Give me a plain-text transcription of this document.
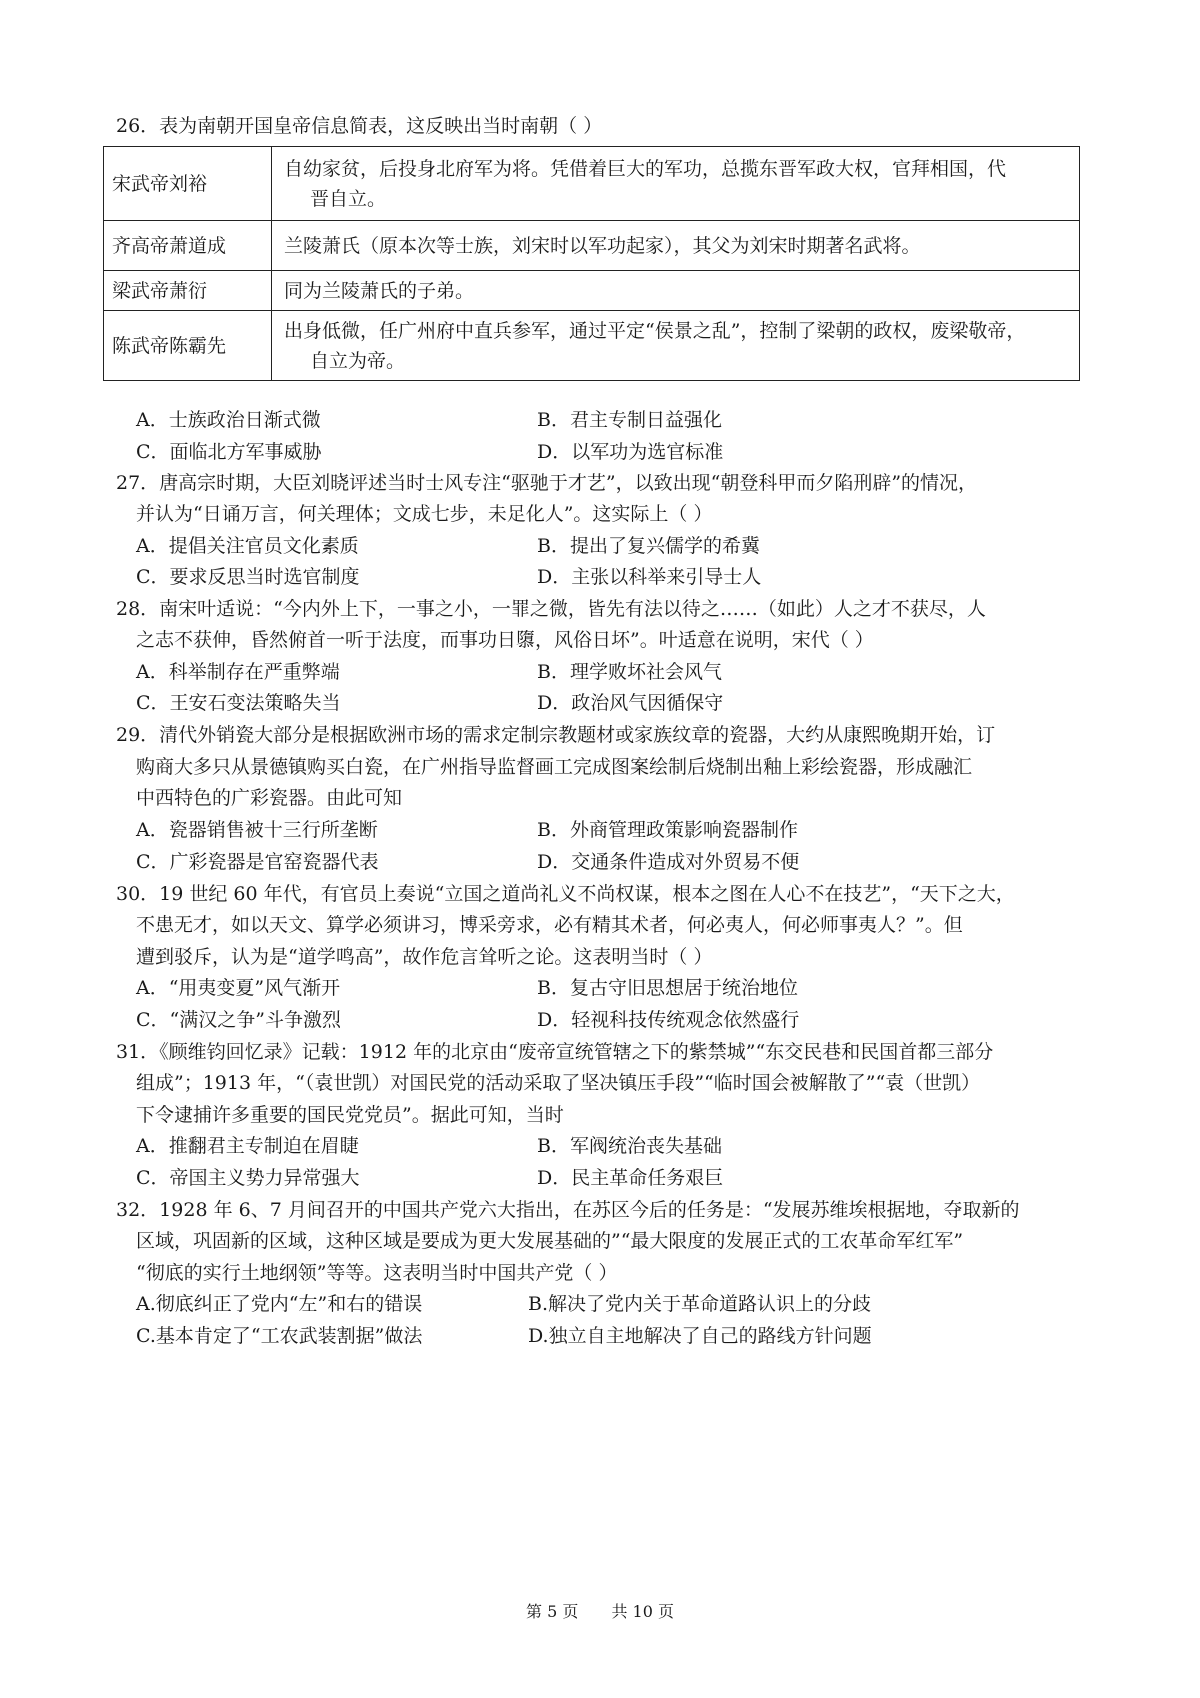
26．表为南朝开国皇帝信息简表，这反映出当时南朝（ ）
宋武帝刘裕	自幼家贫，后投身北府军为将。凭借着巨大的军功，总揽东晋军政大权，官拜相国，代
晋自立。

齐高帝萧道成	兰陵萧氏（原本次等士族，刘宋时以军功起家），其父为刘宋时期著名武将。

梁武帝萧衍	同为兰陵萧氏的子弟。

陈武帝陈霸先	出身低微，任广州府中直兵参军，通过平定“侯景之乱”，控制了梁朝的政权，废梁敬帝，
自立为帝。
A．士族政治日渐式微	B．君主专制日益强化
C．面临北方军事威胁	D．以军功为选官标准
27．唐高宗时期，大臣刘晓评述当时士风专注“驱驰于才艺”，以致出现“朝登科甲而夕陷刑辟”的情况，
并认为“日诵万言，何关理体；文成七步，未足化人”。这实际上（ ）
A．提倡关注官员文化素质	B．提出了复兴儒学的希冀
C．要求反思当时选官制度	D．主张以科举来引导士人
28．南宋叶适说：“今内外上下，一事之小，一罪之微，皆先有法以待之……（如此）人之才不获尽，人
之志不获伸，昏然俯首一听于法度，而事功日隳，风俗日坏”。叶适意在说明，宋代（ ）
A．科举制存在严重弊端	B．理学败坏社会风气
C．王安石变法策略失当	D．政治风气因循保守
29．清代外销瓷大部分是根据欧洲市场的需求定制宗教题材或家族纹章的瓷器，大约从康熙晚期开始，订
购商大多只从景德镇购买白瓷，在广州指导监督画工完成图案绘制后烧制出釉上彩绘瓷器，形成融汇
中西特色的广彩瓷器。由此可知
A．瓷器销售被十三行所垄断	B．外商管理政策影响瓷器制作
C．广彩瓷器是官窑瓷器代表	D．交通条件造成对外贸易不便
30．19 世纪 60 年代，有官员上奏说“立国之道尚礼义不尚权谋，根本之图在人心不在技艺”，“天下之大，
不患无才，如以天文、算学必须讲习，博采旁求，必有精其术者，何必夷人，何必师事夷人？”。但
遭到驳斥，认为是“道学鸣高”，故作危言耸听之论。这表明当时（ ）
A．“用夷变夏”风气渐开	B．复古守旧思想居于统治地位
C．“满汉之争”斗争激烈	D．轻视科技传统观念依然盛行
31．《顾维钧回忆录》记载：1912 年的北京由“废帝宣统管辖之下的紫禁城”“东交民巷和民国首都三部分
组成”；1913 年，“（袁世凯）对国民党的活动采取了坚决镇压手段”“临时国会被解散了”“袁（世凯）
下令逮捕许多重要的国民党党员”。据此可知，当时
A．推翻君主专制迫在眉睫	B．军阀统治丧失基础
C．帝国主义势力异常强大	D．民主革命任务艰巨
32．1928 年 6、7 月间召开的中国共产党六大指出，在苏区今后的任务是：“发展苏维埃根据地，夺取新的
区域，巩固新的区域，这种区域是要成为更大发展基础的”“最大限度的发展正式的工农革命军红军”
“彻底的实行土地纲领”等等。这表明当时中国共产党（ ）
A.彻底纠正了党内“左”和右的错误	B.解决了党内关于革命道路认识上的分歧
C.基本肯定了“工农武装割据”做法	D.独立自主地解决了自己的路线方针问题
第 5 页 共 10 页
